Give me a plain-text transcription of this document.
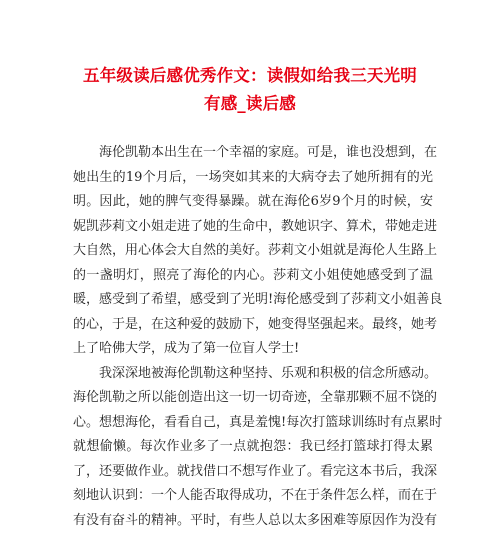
五年级读后感优秀作文：读假如给我三天光明
有感_读后感
海伦凯勒本出生在一个幸福的家庭。可是，谁也没想到，在
她出生的19个月后，一场突如其来的大病夺去了她所拥有的光
明。因此，她的脾气变得暴躁。就在海伦6岁9个月的时候，安
妮凯莎莉文小姐走进了她的生命中，教她识字、算术，带她走进
大自然，用心体会大自然的美好。莎莉文小姐就是海伦人生路上
的一盏明灯，照亮了海伦的内心。莎莉文小姐使她感受到了温
暖，感受到了希望，感受到了光明!海伦感受到了莎莉文小姐善良
的心，于是，在这种爱的鼓励下，她变得坚强起来。最终，她考
上了哈佛大学，成为了第一位盲人学士!
我深深地被海伦凯勒这种坚持、乐观和积极的信念所感动。
海伦凯勒之所以能创造出这一切一切奇迹，全靠那颗不屈不饶的
心。想想海伦，看看自己，真是羞愧!每次打篮球训练时有点累时
就想偷懒。每次作业多了一点就抱怨：我已经打篮球打得太累
了，还要做作业。就找借口不想写作业了。看完这本书后，我深
刻地认识到：一个人能否取得成功，不在于条件怎么样，而在于
有没有奋斗的精神。平时，有些人总以太多困难等原因作为没有
